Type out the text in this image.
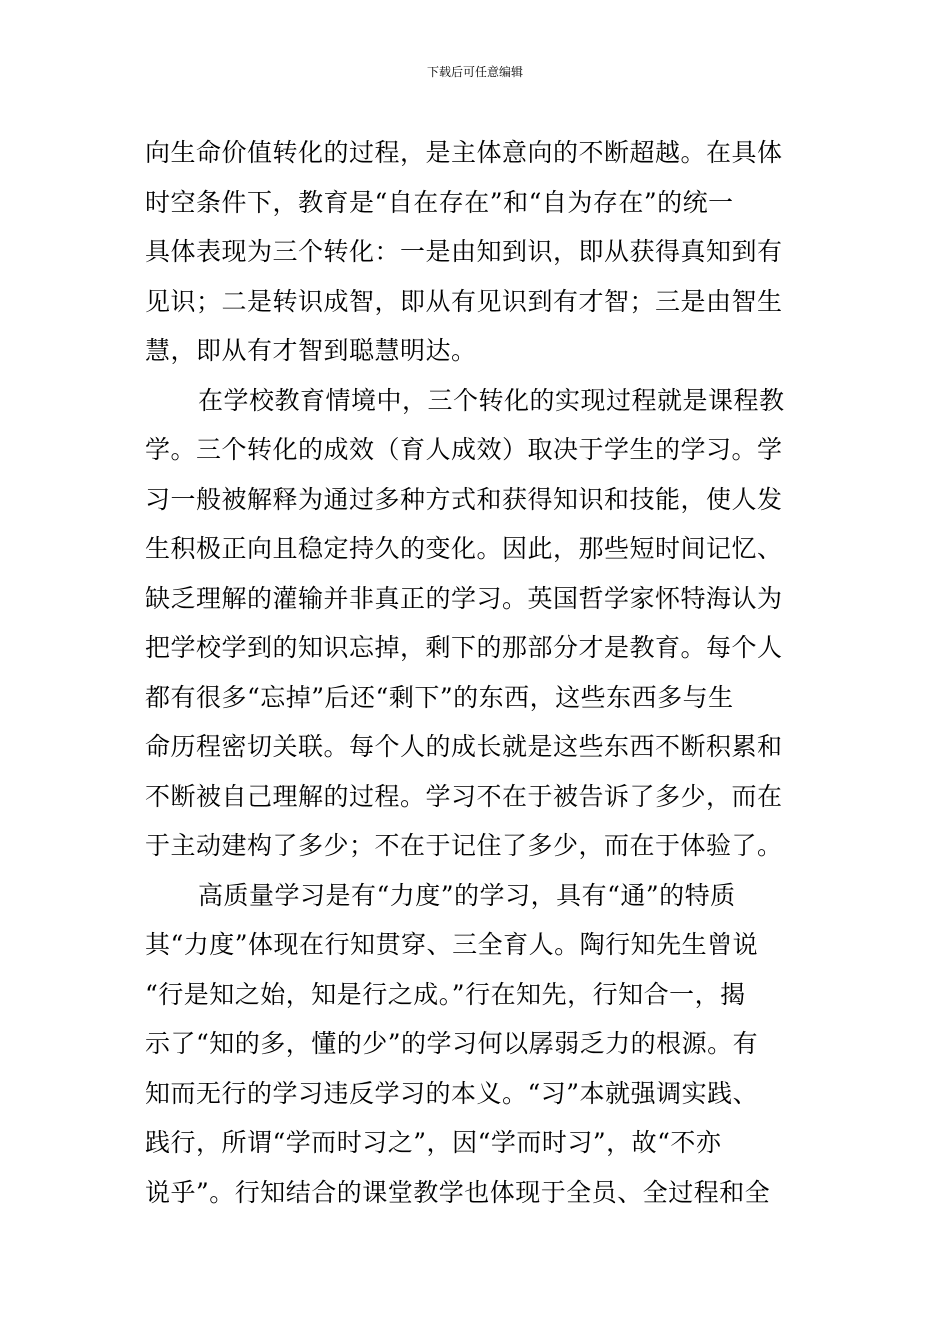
下载后可任意编辑
向生命价值转化的过程，是主体意向的不断超越。在具体
时空条件下，教育是“自在存在”和“自为存在”的统一
具体表现为三个转化：一是由知到识，即从获得真知到有
见识；二是转识成智，即从有见识到有才智；三是由智生
慧，即从有才智到聪慧明达。
在学校教育情境中，三个转化的实现过程就是课程教
学。三个转化的成效（育人成效）取决于学生的学习。学
习一般被解释为通过多种方式和获得知识和技能，使人发
生积极正向且稳定持久的变化。因此，那些短时间记忆、
缺乏理解的灌输并非真正的学习。英国哲学家怀特海认为
把学校学到的知识忘掉，剩下的那部分才是教育。每个人
都有很多“忘掉”后还“剩下”的东西，这些东西多与生
命历程密切关联。每个人的成长就是这些东西不断积累和
不断被自己理解的过程。学习不在于被告诉了多少，而在
于主动建构了多少；不在于记住了多少，而在于体验了。
高质量学习是有“力度”的学习，具有“通”的特质
其“力度”体现在行知贯穿、三全育人。陶行知先生曾说
“行是知之始，知是行之成。”行在知先，行知合一，揭
示了“知的多，懂的少”的学习何以孱弱乏力的根源。有
知而无行的学习违反学习的本义。“习”本就强调实践、
践行，所谓“学而时习之”，因“学而时习”，故“不亦
说乎”。行知结合的课堂教学也体现于全员、全过程和全
